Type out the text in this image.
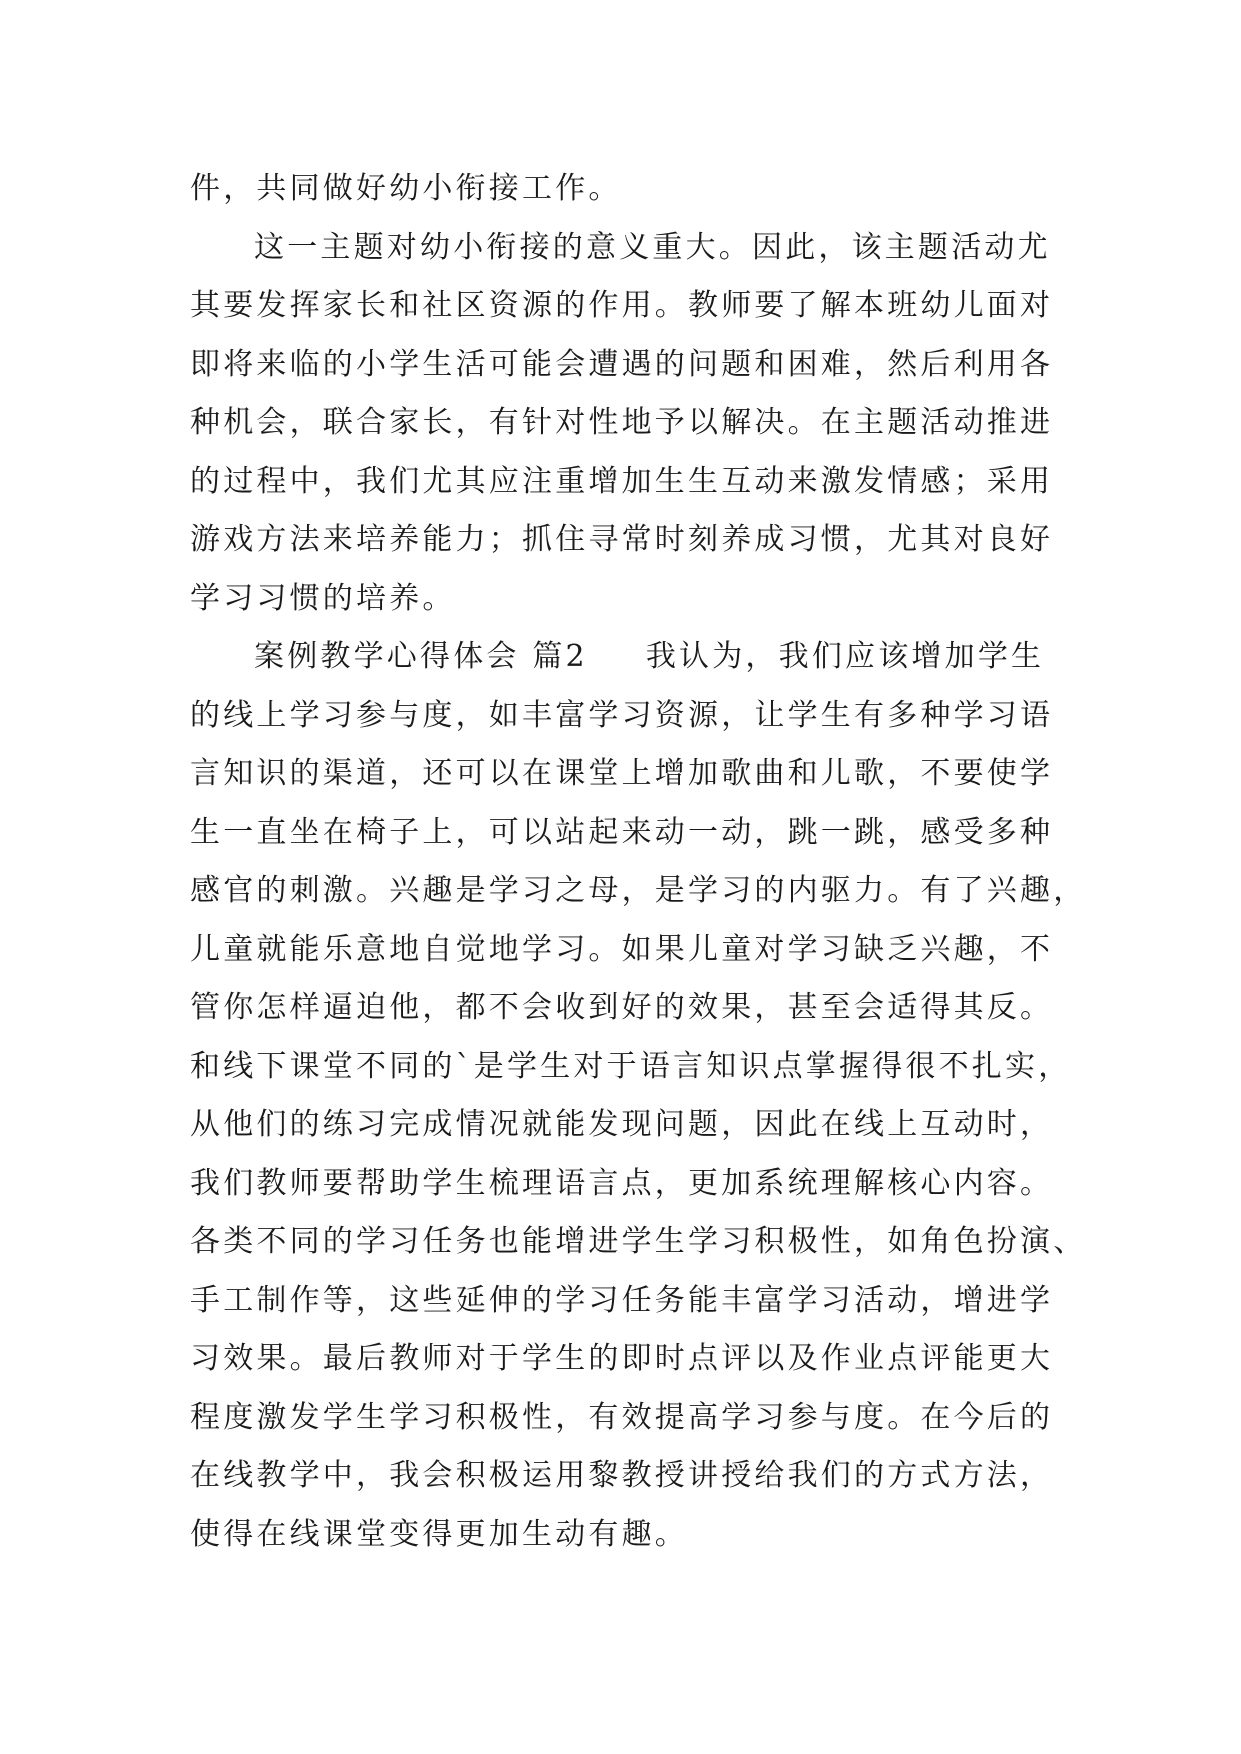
件，共同做好幼小衔接工作。
这一主题对幼小衔接的意义重大。因此，该主题活动尤
其要发挥家长和社区资源的作用。教师要了解本班幼儿面对
即将来临的小学生活可能会遭遇的问题和困难，然后利用各
种机会，联合家长，有针对性地予以解决。在主题活动推进
的过程中，我们尤其应注重增加生生互动来激发情感；采用
游戏方法来培养能力；抓住寻常时刻养成习惯，尤其对良好
学习习惯的培养。
案例教学心得体会 篇2 我认为，我们应该增加学生
的线上学习参与度，如丰富学习资源，让学生有多种学习语
言知识的渠道，还可以在课堂上增加歌曲和儿歌，不要使学
生一直坐在椅子上，可以站起来动一动，跳一跳，感受多种
感官的刺激。兴趣是学习之母，是学习的内驱力。有了兴趣，
儿童就能乐意地自觉地学习。如果儿童对学习缺乏兴趣，不
管你怎样逼迫他，都不会收到好的效果，甚至会适得其反。
和线下课堂不同的`是学生对于语言知识点掌握得很不扎实，
从他们的练习完成情况就能发现问题，因此在线上互动时，
我们教师要帮助学生梳理语言点，更加系统理解核心内容。
各类不同的学习任务也能增进学生学习积极性，如角色扮演、
手工制作等，这些延伸的学习任务能丰富学习活动，增进学
习效果。最后教师对于学生的即时点评以及作业点评能更大
程度激发学生学习积极性，有效提高学习参与度。在今后的
在线教学中，我会积极运用黎教授讲授给我们的方式方法，
使得在线课堂变得更加生动有趣。
